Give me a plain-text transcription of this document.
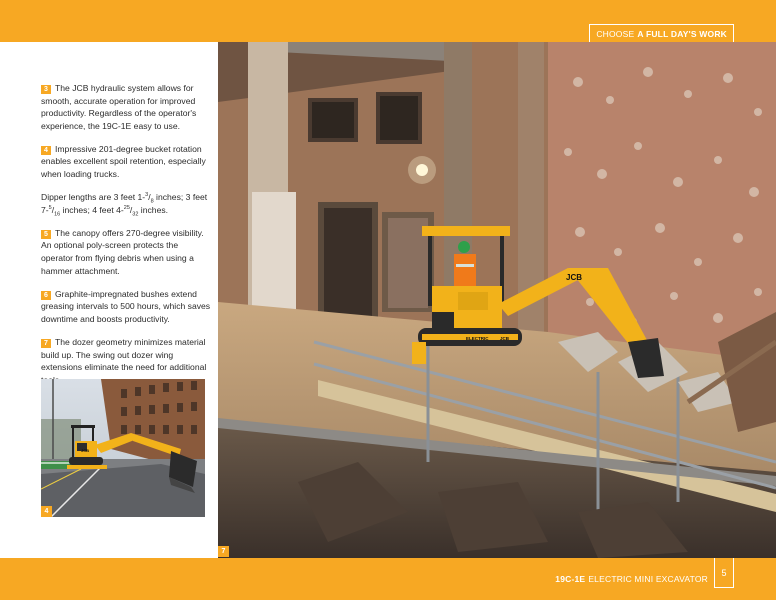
CHOOSE A FULL DAY'S WORK

3 The JCB hydraulic system allows for smooth, accurate operation for improved productivity. Regardless of the operator's experience, the 19C-1E easy to use.

4 Impressive 201-degree bucket rotation enables excellent spoil retention, especially when loading trucks.

Dipper lengths are 3 feet $1-^3/_8$ inches; 3 feet $7-^5/_{16}$ inches; 4 feet $4-^{25}/_{32}$ inches.

5 The canopy offers 270-degree visibility. An optional poly-screen protects the operator from flying debris when using a hammer attachment.

6 Graphite-impregnated bushes extend greasing intervals to 500 hours, which saves downtime and boosts productivity.

7 The dozer geometry minimizes material build up. The swing out dozer wing extensions eliminate the need for additional

JCB
4
JCB
ELECTRIC	JCB
7
19C-1E ELECTRIC MINI EXCAVATOR
5
